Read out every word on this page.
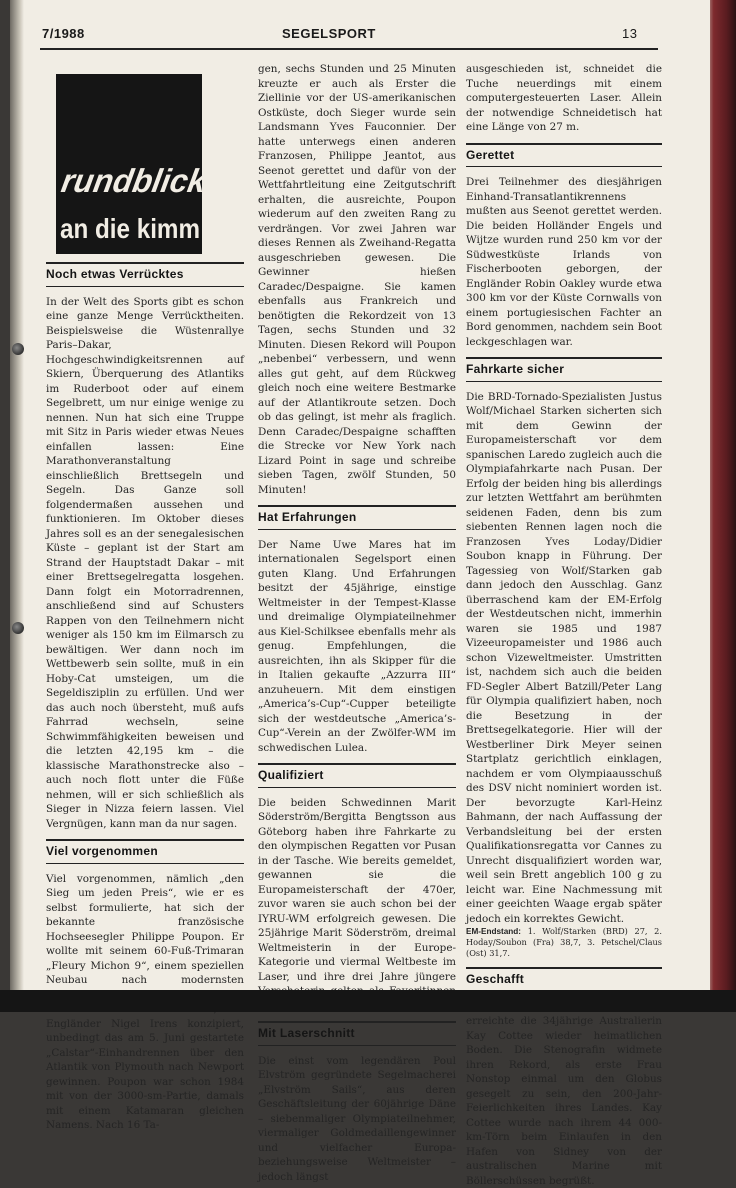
7/1988	SEGELSPORT	13
rundblick
an die kimm
Noch etwas Verrücktes

In der Welt des Sports gibt es schon eine ganze Menge Verrücktheiten. Beispielsweise die Wüstenrallye Paris–Dakar, Hochgeschwindigkeitsrennen auf Skiern, Überquerung des Atlantiks im Ruderboot oder auf einem Segelbrett, um nur einige wenige zu nennen. Nun hat sich eine Truppe mit Sitz in Paris wieder etwas Neues einfallen lassen: Eine Marathonveranstaltung einschließlich Brettsegeln und Segeln. Das Ganze soll folgendermaßen aussehen und funktionieren. Im Oktober dieses Jahres soll es an der senegalesischen Küste – geplant ist der Start am Strand der Hauptstadt Dakar – mit einer Brettsegelregatta losgehen. Dann folgt ein Motorradrennen, anschließend sind auf Schusters Rappen von den Teilnehmern nicht weniger als 150 km im Eilmarsch zu bewältigen. Wer dann noch im Wettbewerb sein sollte, muß in ein Hoby-Cat umsteigen, um die Segeldisziplin zu erfüllen. Und wer das auch noch übersteht, muß aufs Fahrrad wechseln, seine Schwimmfähigkeiten beweisen und die letzten 42,195 km – die klassische Marathonstrecke also – auch noch flott unter die Füße nehmen, will er sich schließlich als Sieger in Nizza feiern lassen. Viel Vergnügen, kann man da nur sagen.

Viel vorgenommen

Viel vorgenommen, nämlich „den Sieg um jeden Preis“, wie er es selbst formulierte, hat sich der bekannte französische Hochseesegler Philippe Poupon. Er wollte mit seinem 60-Fuß-Trimaran „Fleury Michon 9“, einem speziellen Neubau nach modernsten Engländer Nigel Irens konzipiert, unbedingt das am 5. Juni gestartete „Calstar“-Einhandrennen über den Atlantik von Plymouth nach Newport gewinnen. Poupon war schon 1984 mit von der 3000-sm-Partie, damals mit einem Katamaran gleichen Namens. Nach 16 Ta-

gen, sechs Stunden und 25 Minuten kreuzte er auch als Erster die Ziellinie vor der US-amerikanischen Ostküste, doch Sieger wurde sein Landsmann Yves Fauconnier. Der hatte unterwegs einen anderen Franzosen, Philippe Jeantot, aus Seenot gerettet und dafür von der Wettfahrtleitung eine Zeitgutschrift erhalten, die ausreichte, Poupon wiederum auf den zweiten Rang zu verdrängen. Vor zwei Jahren war dieses Rennen als Zweihand-Regatta ausgeschrieben gewesen. Die Gewinner hießen Caradec/Despaigne. Sie kamen ebenfalls aus Frankreich und benötigten die Rekordzeit von 13 Tagen, sechs Stunden und 32 Minuten. Diesen Rekord will Poupon „nebenbei“ verbessern, und wenn alles gut geht, auf dem Rückweg gleich noch eine weitere Bestmarke auf der Atlantikroute setzen. Doch ob das gelingt, ist mehr als fraglich. Denn Caradec/Despaigne schafften die Strecke vor New York nach Lizard Point in sage und schreibe sieben Tagen, zwölf Stunden, 50 Minuten!

Hat Erfahrungen

Der Name Uwe Mares hat im internationalen Segelsport einen guten Klang. Und Erfahrungen besitzt der 45jährige, einstige Weltmeister in der Tempest-Klasse und dreimalige Olympiateilnehmer aus Kiel-Schilksee ebenfalls mehr als genug. Empfehlungen, die ausreichten, ihn als Skipper für die in Italien gekaufte „Azzurra III“ anzuheuern. Mit dem einstigen „America’s-Cup“-Cupper beteiligte sich der westdeutsche „America’s-Cup“-Verein an der Zwölfer-WM im schwedischen Lulea.

Qualifiziert

Die beiden Schwedinnen Marit Söderström/Bergitta Bengtsson aus Göteborg haben ihre Fahrkarte zu den olympischen Regatten vor Pusan in der Tasche. Wie bereits gemeldet, gewannen sie die Europameisterschaft der 470er, zuvor waren sie auch schon bei der IYRU-WM erfolgreich gewesen. Die 25jährige Marit Söderström, dreimal Weltmeisterin in der Europe-Kategorie und viermal Weltbeste im Laser, und ihre drei Jahre jüngere

Mit Laserschnitt

Die einst vom legendären Poul Elvström gegründete Segelmacherei „Elvström Sails“, aus deren Geschäftsleitung der 60jährige Däne – siebenmaliger Olympiateilnehmer, viermaliger Goldmedaillengewinner und vielfacher Europa- beziehungsweise Weltmeister – jedoch längst

ausgeschieden ist, schneidet die Tuche neuerdings mit einem computergesteuerten Laser. Allein der notwendige Schneidetisch hat eine Länge von 27 m.

Gerettet

Drei Teilnehmer des diesjährigen Einhand-Transatlantikrennens mußten aus Seenot gerettet werden. Die beiden Holländer Engels und Wijtze wurden rund 250 km vor der Südwestküste Irlands von Fischerbooten geborgen, der Engländer Robin Oakley wurde etwa 300 km vor der Küste Cornwalls von einem portugiesischen Fachter an Bord genommen, nachdem sein Boot leckgeschlagen war.

Fahrkarte sicher

Die BRD-Tornado-Spezialisten Justus Wolf/Michael Starken sicherten sich mit dem Gewinn der Europameisterschaft vor dem spanischen Laredo zugleich auch die Olympiafahrkarte nach Pusan. Der Erfolg der beiden hing bis allerdings zur letzten Wettfahrt am berühmten seidenen Faden, denn bis zum siebenten Rennen lagen noch die Franzosen Yves Loday/Didier Soubon knapp in Führung. Der Tagessieg von Wolf/Starken gab dann jedoch den Ausschlag. Ganz überraschend kam der EM-Erfolg der Westdeutschen nicht, immerhin waren sie 1985 und 1987 Vizeeuropameister und 1986 auch schon Vizeweltmeister. Umstritten ist, nachdem sich auch die beiden FD-Segler Albert Batzill/Peter Lang für Olympia qualifiziert haben, noch die Besetzung in der Brettsegelkategorie. Hier will der Westberliner Dirk Meyer seinen Startplatz gerichtlich einklagen, nachdem er vom Olympiaausschuß des DSV nicht nominiert worden ist. Der bevorzugte Karl-Heinz Bahmann, der nach Auffassung der Verbandsleitung bei der ersten Qualifikationsregatta vor Cannes zu Unrecht disqualifiziert worden war, weil sein Brett angeblich 100 g zu leicht war. Eine Nachmessung mit einer geeichten Waage ergab später jedoch ein korrektes Gewicht.

EM-Endstand: 1. Wolf/Starken (BRD) 27, 2. Hoday/Soubon (Fra) 38,7, 3. Petschel/Claus (Ost) 31,7.

Geschafft

erreichte die 34jährige Australierin Kay Cottee wieder heimatlichen Boden. Die Stenografin widmete ihren Rekord, als erste Frau Nonstop einmal um den Globus gesegelt zu sein, den 200-Jahr-Feierlichkeiten ihres Landes. Kay Cottee wurde nach ihrem 44 000-km-Törn beim Einlaufen in den Hafen von Sidney von der australischen Marine mit Böllerschüssen begrüßt.
